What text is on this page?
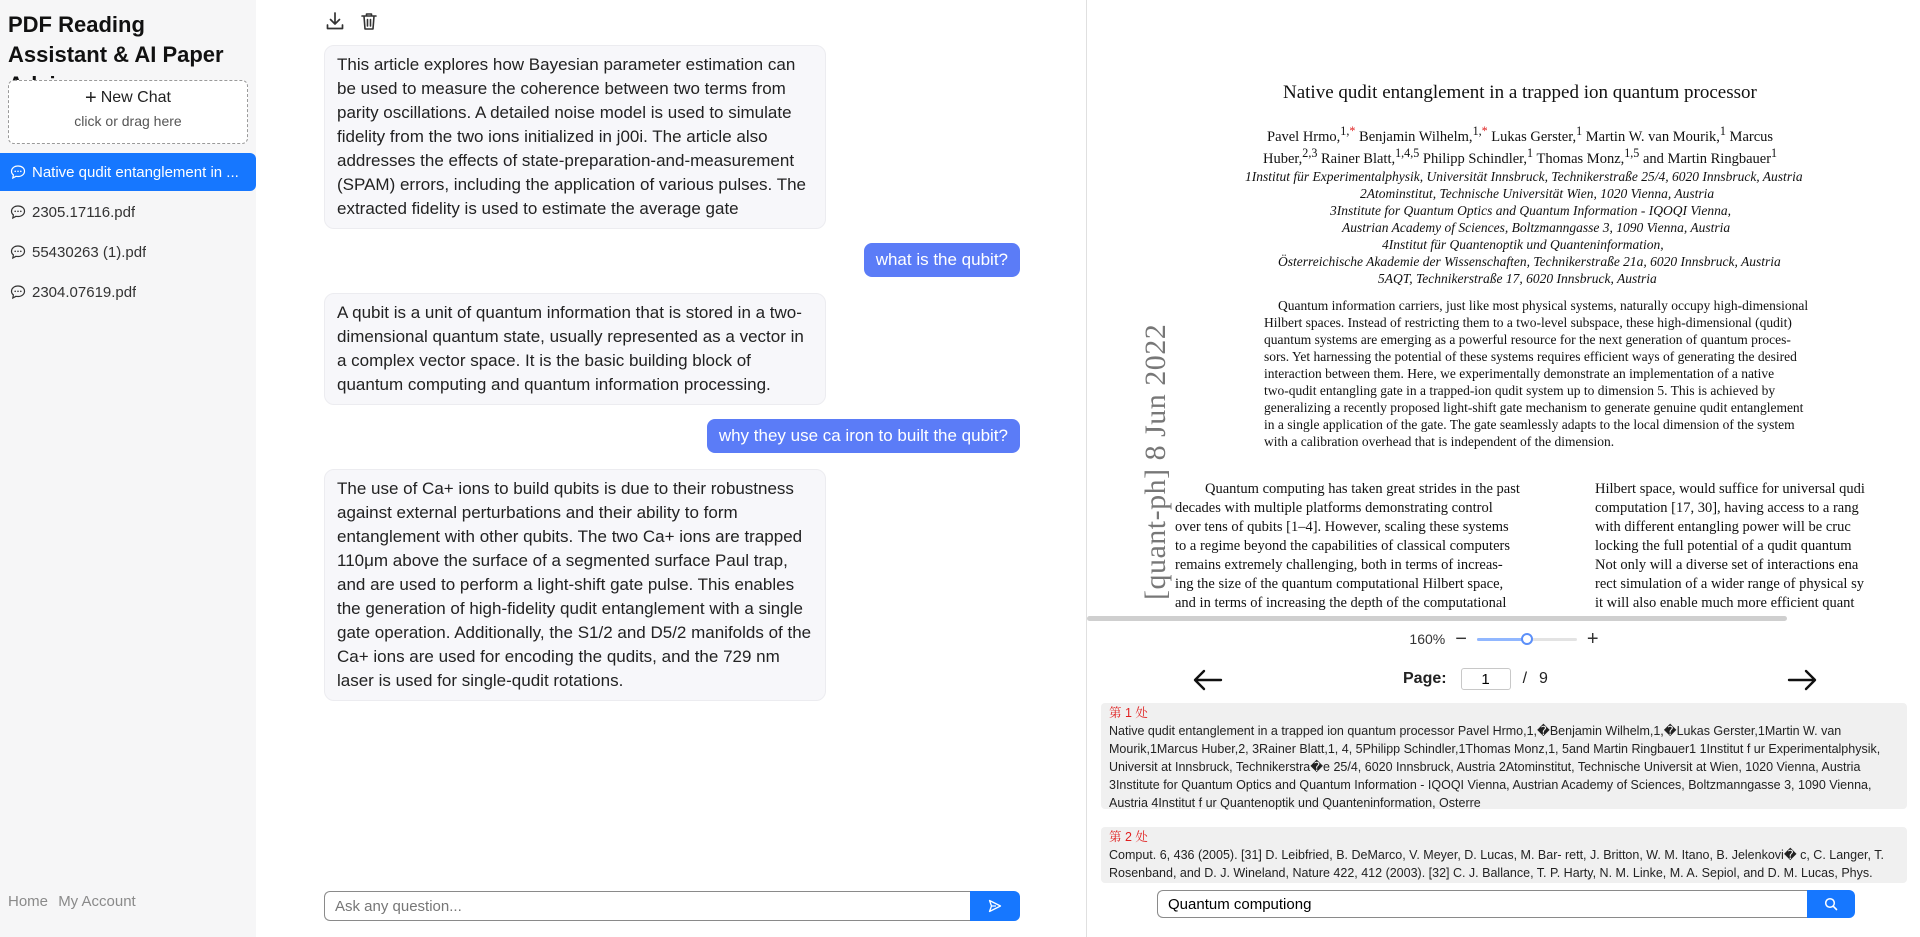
PDF Reading Assistant & AI Paper
+ New Chat
click or drag here
Native qudit entanglement in ...
2305.17116.pdf
55430263 (1).pdf
2304.07619.pdf
Home My Account
This article explores how Bayesian parameter estimation can be used to measure the coherence between two terms from parity oscillations. A detailed noise model is used to simulate fidelity from the two ions initialized in j00i. The article also addresses the effects of state-preparation-and-measurement (SPAM) errors, including the application of various pulses. The extracted fidelity is used to estimate the average gate
what is the qubit?
A qubit is a unit of quantum information that is stored in a two-dimensional quantum state, usually represented as a vector in a complex vector space. It is the basic building block of quantum computing and quantum information processing.
why they use ca iron to built the qubit?
The use of Ca+ ions to build qubits is due to their robustness against external perturbations and their ability to form entanglement with other qubits. The two Ca+ ions are trapped 110μm above the surface of a segmented surface Paul trap, and are used to perform a light-shift gate pulse. This enables the generation of high-fidelity qudit entanglement with a single gate operation. Additionally, the S1/2 and D5/2 manifolds of the Ca+ ions are used for encoding the qudits, and the 729 nm laser is used for single-qudit rotations.
Ask any question...
[quant-ph] 8 Jun 2022
Native qudit entanglement in a trapped ion quantum processor
Pavel Hrmo,$^{1,*}$ Benjamin Wilhelm,$^{1,*}$ Lukas Gerster,$^1$ Martin W. van Mourik,$^1$ Marcus
Huber,$^{2,3}$ Rainer Blatt,$^{1,4,5}$ Philipp Schindler,$^1$ Thomas Monz,$^{1,5}$ and Martin Ringbauer$^1$
1Institut für Experimentalphysik, Universität Innsbruck, Technikerstraße 25/4, 6020 Innsbruck, Austria
2Atominstitut, Technische Universität Wien, 1020 Vienna, Austria
3Institute for Quantum Optics and Quantum Information - IQOQI Vienna,
Austrian Academy of Sciences, Boltzmanngasse 3, 1090 Vienna, Austria
4Institut für Quantenoptik und Quanteninformation,
Österreichische Akademie der Wissenschaften, Technikerstraße 21a, 6020 Innsbruck, Austria
5AQT, Technikerstraße 17, 6020 Innsbruck, Austria
Quantum information carriers, just like most physical systems, naturally occupy high-dimensional
Hilbert spaces. Instead of restricting them to a two-level subspace, these high-dimensional (qudit)
quantum systems are emerging as a powerful resource for the next generation of quantum proces-
sors. Yet harnessing the potential of these systems requires efficient ways of generating the desired
interaction between them. Here, we experimentally demonstrate an implementation of a native
two-qudit entangling gate in a trapped-ion qudit system up to dimension 5. This is achieved by
generalizing a recently proposed light-shift gate mechanism to generate genuine qudit entanglement
in a single application of the gate. The gate seamlessly adapts to the local dimension of the system
with a calibration overhead that is independent of the dimension.
Quantum computing has taken great strides in the past
decades with multiple platforms demonstrating control
over tens of qubits [1–4]. However, scaling these systems
to a regime beyond the capabilities of classical computers
remains extremely challenging, both in terms of increas-
ing the size of the quantum computational Hilbert space,
and in terms of increasing the depth of the computational
Hilbert space, would suffice for universal qudi
computation [17, 30], having access to a rang
with different entangling power will be cruc
locking the full potential of a qudit quantum
Not only will a diverse set of interactions ena
rect simulation of a wider range of physical sy
it will also enable much more efficient quant
160% −	+
Page:
1	/ 9
第 1 处
Native qudit entanglement in a trapped ion quantum processor Pavel Hrmo,1,�Benjamin Wilhelm,1,�Lukas Gerster,1Martin W. van Mourik,1Marcus Huber,2, 3Rainer Blatt,1, 4, 5Philipp Schindler,1Thomas Monz,1, 5and Martin Ringbauer1 1Institut f ur Experimentalphysik, Universit at Innsbruck, Technikerstra�e 25/4, 6020 Innsbruck, Austria 2Atominstitut, Technische Universit at Wien, 1020 Vienna, Austria 3Institute for Quantum Optics and Quantum Information - IQOQI Vienna, Austrian Academy of Sciences, Boltzmanngasse 3, 1090 Vienna, Austria 4Institut f ur Quantenoptik und Quanteninformation, Osterre
第 2 处
Comput. 6, 436 (2005). [31] D. Leibfried, B. DeMarco, V. Meyer, D. Lucas, M. Bar- rett, J. Britton, W. M. Itano, B. Jelenkovi� c, C. Langer, T. Rosenband, and D. J. Wineland, Nature 422, 412 (2003). [32] C. J. Ballance, T. P. Harty, N. M. Linke, M. A. Sepiol, and D. M. Lucas, Phys.
Quantum computiong
